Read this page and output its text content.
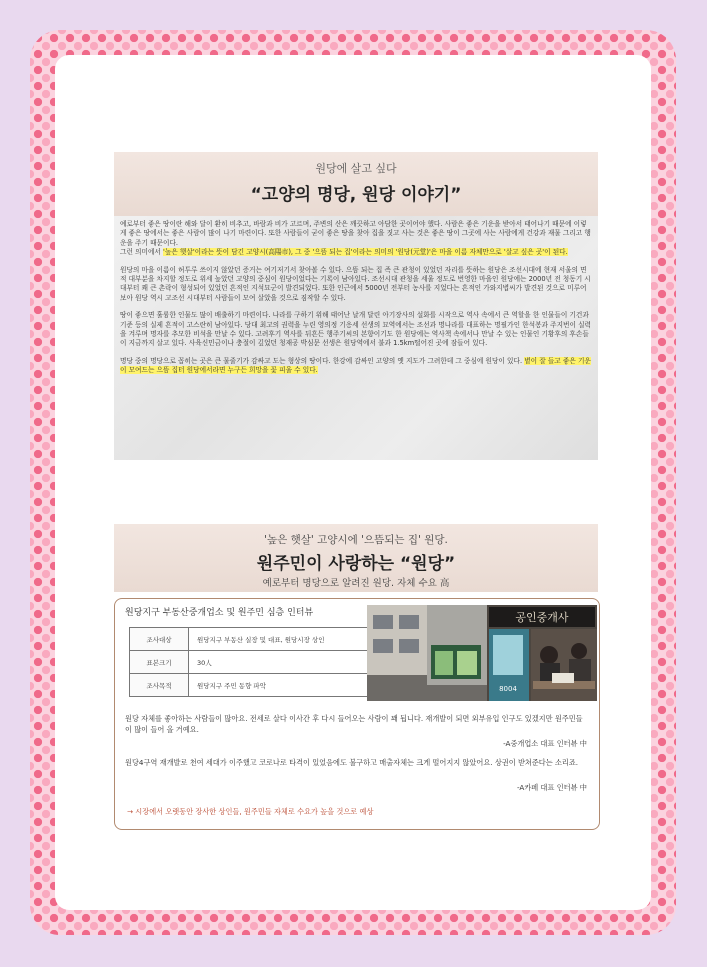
원당에 살고 싶다
“고양의 명당, 원당 이야기”

예로부터 좋은 땅이란 해와 달이 환히 비추고, 바람과 비가 고르며, 주변의 산은 깨끗하고 아담한 곳이어야 했다. 사람은 좋은 기운을 받아서 태어나기 때문에 이렇게 좋은 땅에서는 좋은 사람이 많이 나기 마련이다. 또한 사람들이 굳이 좋은 땅을 찾아 집을 짓고 사는 것은 좋은 땅이 그곳에 사는 사람에게 건강과 재물 그리고 행운을 주기 때문이다.
그런 의미에서 '높은 햇살'이라는 뜻이 담긴 고양시(高陽市), 그 중 '으뜸 되는 집'이라는 의미의 '원당(元堂)'은 마을 이름 자체만으로 '살고 싶은 곳'이 된다.

원당의 마을 이름이 허투루 쓰이지 않았던 증거는 여기저기서 찾아볼 수 있다. 으뜸 되는 집 즉 큰 관청이 있었던 자리를 뜻하는 원당은 조선시대에 현재 서울의 면적 대부분을 차지할 정도로 위세 높았던 고양의 중심이 원당이었다는 기록이 남아있다. 조선시대 관청을 세울 정도로 번영한 마을인 원당에는 2000년 전 청동기 시대부터 꽤 큰 촌락이 형성되어 있었던 흔적인 지석묘군이 발견되었다. 또한 인근에서 5000년 전부터 농사를 지었다는 흔적인 가와지볍씨가 발견된 것으로 미루어보아 원당 역시 고조선 시대부터 사람들이 모여 살았을 것으로 짐작할 수 있다.

땅이 좋으면 훌륭한 인물도 많이 배출하기 마련이다. 나라를 구하기 위해 태어난 날개 달린 아기장사의 설화를 시작으로 역사 속에서 큰 역할을 한 인물들이 기건과 기준 등의 실제 흔적이 고스란히 남아있다. 당대 최고의 권력을 누린 영의정 기응세 선생의 묘역에서는 조선과 명나라를 대표하는 명필가인 한석봉과 주지번이 실력을 겨루며 명자를 추모한 비석을 만날 수 있다. 고려후기 역사를 뒤흔든 행주기씨의 본향이기도 한 원당에는 역사책 속에서나 만날 수 있는 인물인 기황후의 후손들이 지금까지 살고 있다. 사육신민금이나 충절이 깊었던 청재공 박심문 선생은 원당역에서 불과 1.5km떨어진 곳에 잠들어 있다.

명당 중의 명당으로 꼽히는 곳은 큰 물줄기가 감싸고 도는 형상의 땅이다. 한강에 감싸인 고양의 옛 지도가 그려한데 그 중심에 원당이 있다. 볕이 잘 들고 좋은 기운이 모여드는 으뜸 집터 원당에서라면 누구든 희망을 꽃 피울 수 있다.

'높은 햇살' 고양시에 '으뜸되는 집' 원당.
원주민이 사랑하는 “원당”
예로부터 명당으로 알려진 원당. 자체 수요 高
원당지구 부동산중개업소 및 원주민 심층 인터뷰
조사대상	원당지구 부동산 실장 및 대표, 원당시장 상인
표본크기	30人
조사목적	원당지구 주민 동향 파악
공인중개사
8004
원당 자체를 좋아하는 사람들이 많아요. 전세로 살다 이사간 후 다시 들어오는 사람이 꽤 됩니다. 재개발이 되면 외부유입 인구도 있겠지만 원주민들이 많이 들어 올 거예요.
-A중개업소 대표 인터뷰 中
원당4구역 재개발로 천여 세대가 이주했고 코로나로 타격이 있었음에도 불구하고 매출자체는 크게 떨어지지 않았어요. 상권이 받쳐준다는 소리죠.
-A카페 대표 인터뷰 中
→ 시장에서 오랫동안 장사한 상인들, 원주민들 자체로 수요가 높을 것으로 예상
